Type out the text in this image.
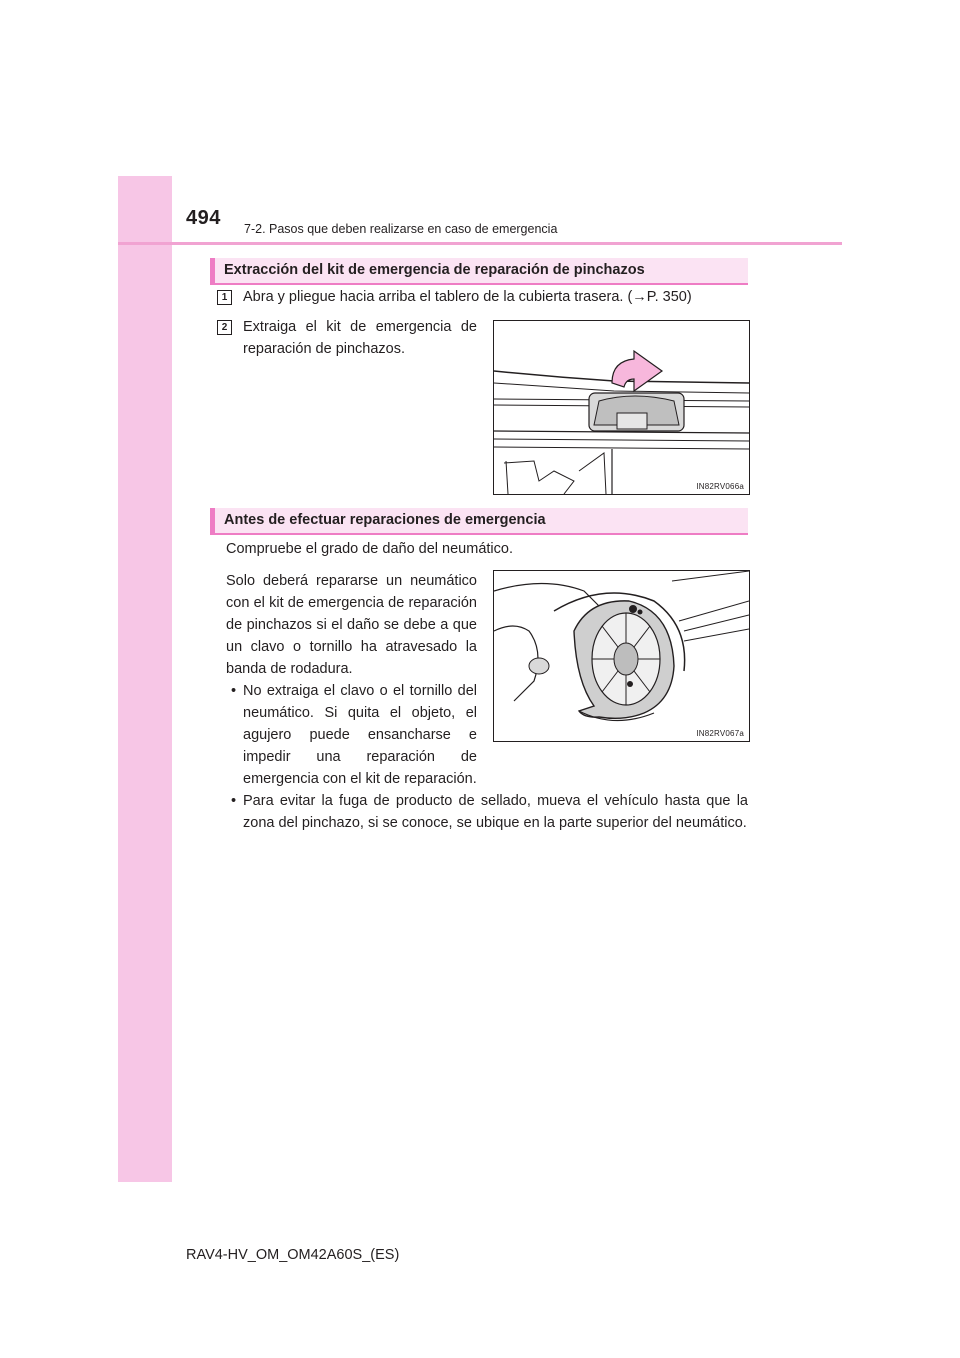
494 7-2. Pasos que deben realizarse en caso de emergencia
Extracción del kit de emergencia de reparación de pinchazos
1	Abra y pliegue hacia arriba el tablero de la cubierta trasera. (→P. 350)
2	Extraiga el kit de emergencia de reparación de pinchazos.
IN82RV066a
Antes de efectuar reparaciones de emergencia
Compruebe el grado de daño del neumático.
Solo deberá repararse un neumático con el kit de emergencia de reparación de pinchazos si el daño se debe a que un clavo o tornillo ha atravesado la banda de rodadura.
• No extraiga el clavo o el tornillo del neumático. Si quita el objeto, el agujero puede ensancharse e impedir una reparación de emergencia con el kit de reparación.
• Para evitar la fuga de producto de sellado, mueva el vehículo hasta que la zona del pinchazo, si se conoce, se ubique en la parte superior del neumático.
IN82RV067a
RAV4-HV_OM_OM42A60S_(ES)
